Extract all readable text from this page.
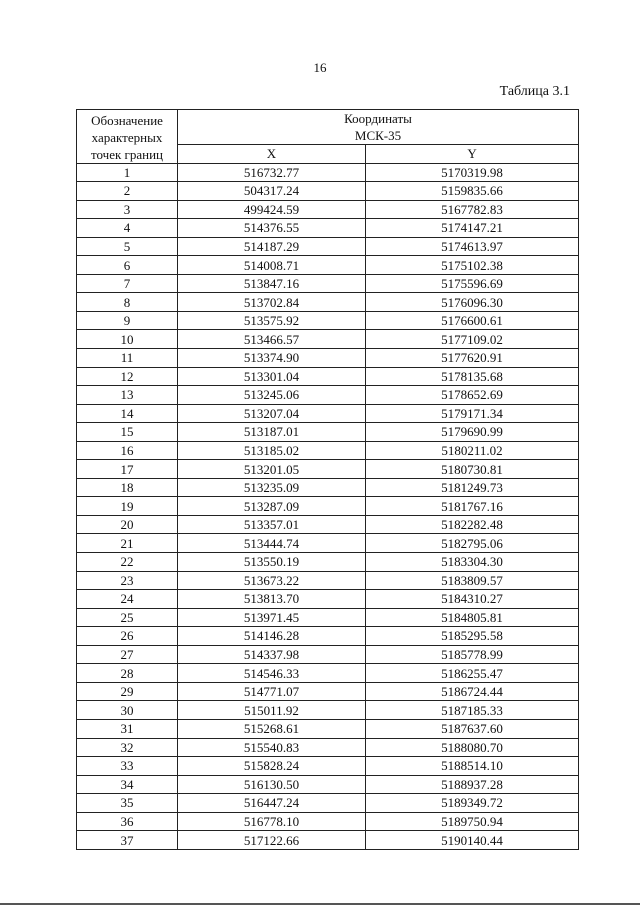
16
Таблица 3.1
Обозначение
характерных
точек границ	Координаты
МСК-35	

	X	Y
1	516732.77	5170319.98
2	504317.24	5159835.66
3	499424.59	5167782.83
4	514376.55	5174147.21
5	514187.29	5174613.97
6	514008.71	5175102.38
7	513847.16	5175596.69
8	513702.84	5176096.30
9	513575.92	5176600.61
10	513466.57	5177109.02
11	513374.90	5177620.91
12	513301.04	5178135.68
13	513245.06	5178652.69
14	513207.04	5179171.34
15	513187.01	5179690.99
16	513185.02	5180211.02
17	513201.05	5180730.81
18	513235.09	5181249.73
19	513287.09	5181767.16
20	513357.01	5182282.48
21	513444.74	5182795.06
22	513550.19	5183304.30
23	513673.22	5183809.57
24	513813.70	5184310.27
25	513971.45	5184805.81
26	514146.28	5185295.58
27	514337.98	5185778.99
28	514546.33	5186255.47
29	514771.07	5186724.44
30	515011.92	5187185.33
31	515268.61	5187637.60
32	515540.83	5188080.70
33	515828.24	5188514.10
34	516130.50	5188937.28
35	516447.24	5189349.72
36	516778.10	5189750.94
37	517122.66	5190140.44
